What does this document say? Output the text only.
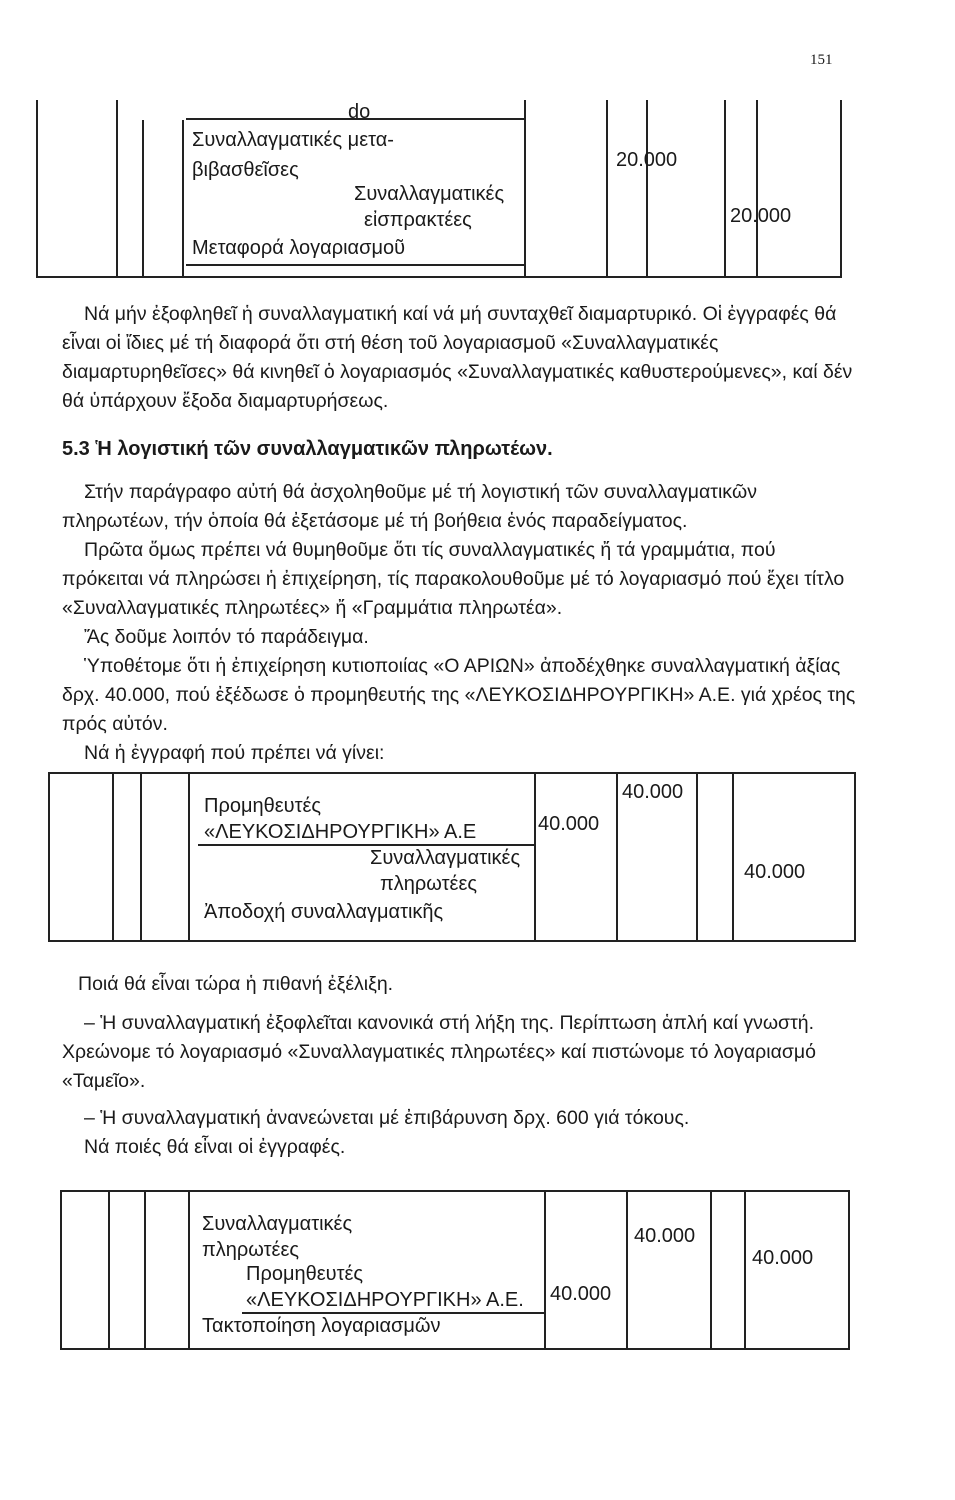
151
do
Συναλλαγματικές μετα-
βιβασθεῖσες
Συναλλαγματικές
εἰσπρακτέες
Μεταφορά λογαριασμοῦ
20.000
20.000
Νά μήν ἐξοφληθεῖ ἡ συναλλαγματική καί νά μή συνταχθεῖ διαμαρτυρικό. Οἱ ἐγγραφές θά εἶναι οἱ ἴδιες μέ τή διαφορά ὅτι στή θέση τοῦ λογαριασμοῦ «Συναλλαγματικές διαμαρτυρηθεῖσες» θά κινηθεῖ ὁ λογαριασμός «Συναλλαγματικές καθυστερούμενες», καί δέν θά ὑπάρχουν ἔξοδα διαμαρτυρήσεως.
5.3 Ἡ λογιστική τῶν συναλλαγματικῶν πληρωτέων.

Στήν παράγραφο αὐτή θά ἀσχοληθοῦμε μέ τή λογιστική τῶν συναλλαγματικῶν πληρωτέων, τήν ὁποία θά ἐξετάσομε μέ τή βοήθεια ἑνός παραδείγματος.

Πρῶτα ὅμως πρέπει νά θυμηθοῦμε ὅτι τίς συναλλαγματικές ἤ τά γραμμάτια, πού πρόκειται νά πληρώσει ἡ ἐπιχείρηση, τίς παρακολουθοῦμε μέ τό λογαριασμό πού ἔχει τίτλο «Συναλλαγματικές πληρωτέες» ἤ «Γραμμάτια πληρωτέα».

Ἄς δοῦμε λοιπόν τό παράδειγμα.

Ὑποθέτομε ὅτι ἡ ἐπιχείρηση κυτιοποιίας «Ο ΑΡΙΩΝ» ἀποδέχθηκε συναλλαγματική ἀξίας δρχ. 40.000, πού ἐξέδωσε ὁ προμηθευτής της «ΛΕΥΚΟΣΙΔΗΡΟΥΡΓΙΚΗ» Α.Ε. γιά χρέος της πρός αὐτόν.

Νά ἡ ἐγγραφή πού πρέπει νά γίνει:

40.000
Προμηθευτές
«ΛΕΥΚΟΣΙΔΗΡΟΥΡΓΙΚΗ» Α.Ε	40.000
Συναλλαγματικές
πληρωτέες
40.000
Ἀποδοχή συναλλαγματικῆς

Ποιά θά εἶναι τώρα ἡ πιθανή ἐξέλιξη.

– Ἡ συναλλαγματική ἐξοφλεῖται κανονικά στή λήξη της. Περίπτωση ἁπλή καί γνωστή. Χρεώνομε τό λογαριασμό «Συναλλαγματικές πληρωτέες» καί πιστώνομε τό λογαριασμό «Ταμεῖο».

– Ἡ συναλλαγματική ἀνανεώνεται μέ ἐπιβάρυνση δρχ. 600 γιά τόκους.

Νά ποιές θά εἶναι οἱ ἐγγραφές.

Συναλλαγματικές
πληρωτέες
40.000
Προμηθευτές
«ΛΕΥΚΟΣΙΔΗΡΟΥΡΓΙΚΗ» Α.Ε.
40.000
40.000
Τακτοποίηση λογαριασμῶν
